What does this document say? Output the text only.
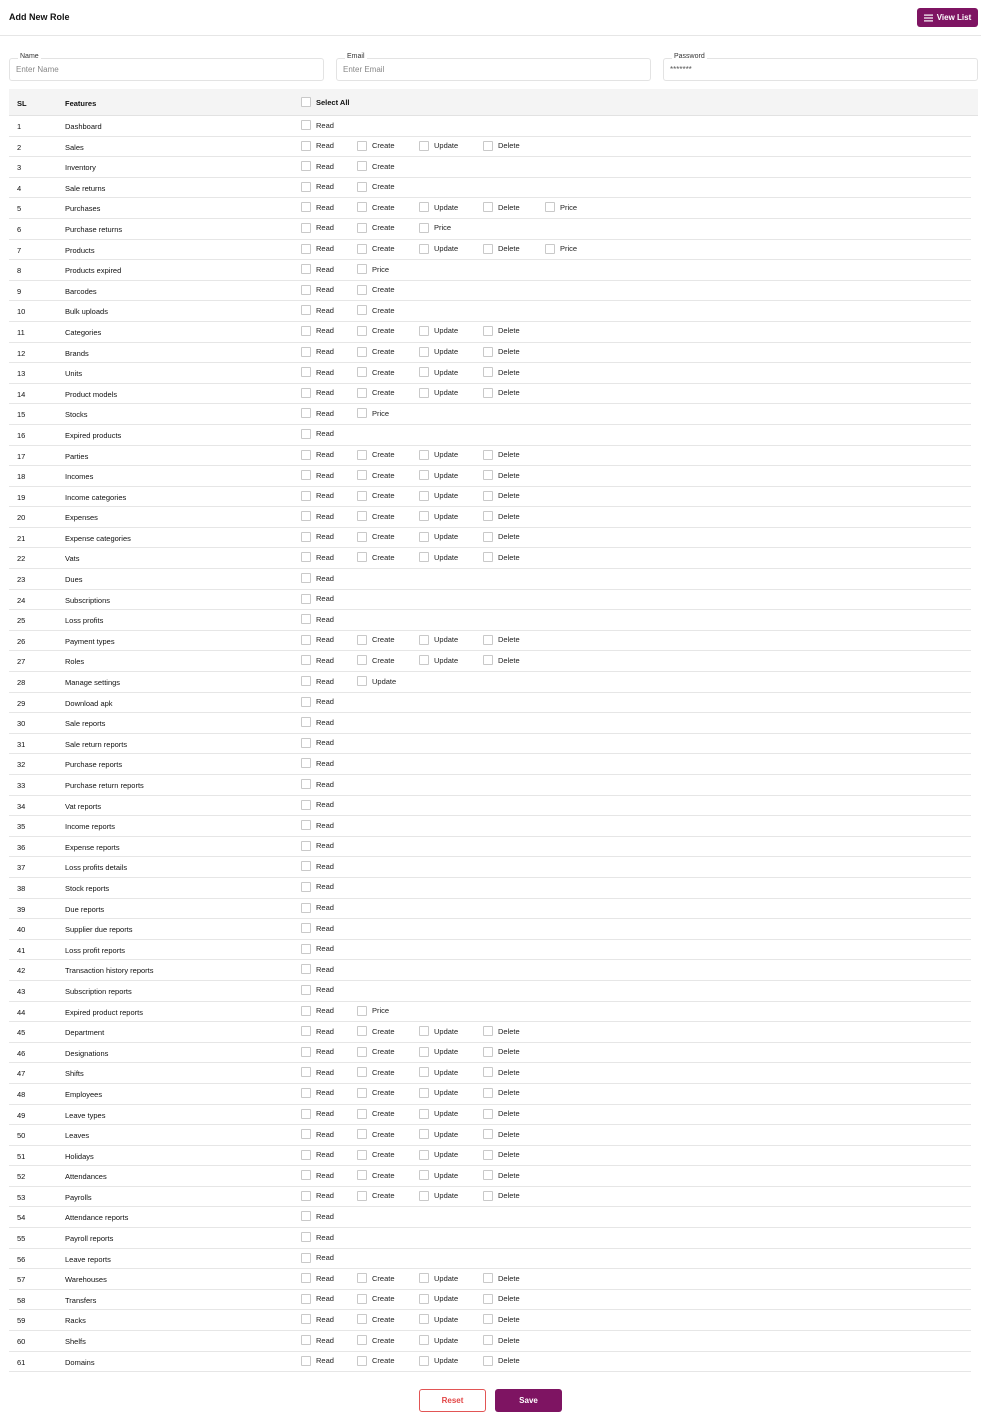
Add New Role	View List
Name
Enter Name	Email
Enter Email	Password
*******
SL	Features	Select All
1	Dashboard	Read
2	Sales	Read	Create	Update	Delete
3	Inventory	Read	Create
4	Sale returns	Read	Create
5	Purchases	Read	Create	Update	Delete	Price
6	Purchase returns	Read	Create	Price
7	Products	Read	Create	Update	Delete	Price
8	Products expired	Read	Price
9	Barcodes	Read	Create
10	Bulk uploads	Read	Create
11	Categories	Read	Create	Update	Delete
12	Brands	Read	Create	Update	Delete
13	Units	Read	Create	Update	Delete
14	Product models	Read	Create	Update	Delete
15	Stocks	Read	Price
16	Expired products	Read
17	Parties	Read	Create	Update	Delete
18	Incomes	Read	Create	Update	Delete
19	Income categories	Read	Create	Update	Delete
20	Expenses	Read	Create	Update	Delete
21	Expense categories	Read	Create	Update	Delete
22	Vats	Read	Create	Update	Delete
23	Dues	Read
24	Subscriptions	Read
25	Loss profits	Read
26	Payment types	Read	Create	Update	Delete
27	Roles	Read	Create	Update	Delete
28	Manage settings	Read	Update
29	Download apk	Read
30	Sale reports	Read
31	Sale return reports	Read
32	Purchase reports	Read
33	Purchase return reports	Read
34	Vat reports	Read
35	Income reports	Read
36	Expense reports	Read
37	Loss profits details	Read
38	Stock reports	Read
39	Due reports	Read
40	Supplier due reports	Read
41	Loss profit reports	Read
42	Transaction history reports	Read
43	Subscription reports	Read
44	Expired product reports	Read	Price
45	Department	Read	Create	Update	Delete
46	Designations	Read	Create	Update	Delete
47	Shifts	Read	Create	Update	Delete
48	Employees	Read	Create	Update	Delete
49	Leave types	Read	Create	Update	Delete
50	Leaves	Read	Create	Update	Delete
51	Holidays	Read	Create	Update	Delete
52	Attendances	Read	Create	Update	Delete
53	Payrolls	Read	Create	Update	Delete
54	Attendance reports	Read
55	Payroll reports	Read
56	Leave reports	Read
57	Warehouses	Read	Create	Update	Delete
58	Transfers	Read	Create	Update	Delete
59	Racks	Read	Create	Update	Delete
60	Shelfs	Read	Create	Update	Delete
61	Domains	Read	Create	Update	Delete
Reset	Save
